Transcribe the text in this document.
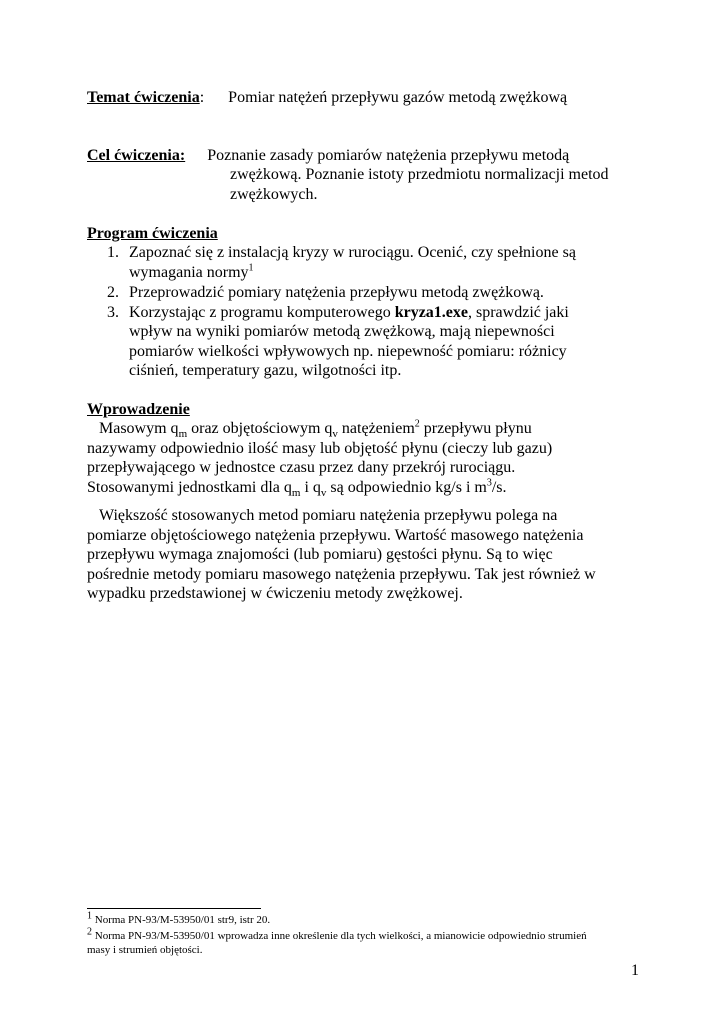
Temat ćwiczenia: Pomiar natężeń przepływu gazów metodą zwężkową
Cel ćwiczenia: Poznanie zasady pomiarów natężenia przepływu metodą
zwężkową. Poznanie istoty przedmiotu normalizacji metod
zwężkowych.
Program ćwiczenia
1. Zapoznać się z instalacją kryzy w rurociągu. Ocenić, czy spełnione są
wymagania normy$^1$
2. Przeprowadzić pomiary natężenia przepływu metodą zwężkową.
3. Korzystając z programu komputerowego kryza1.exe, sprawdzić jaki
wpływ na wyniki pomiarów metodą zwężkową, mają niepewności
pomiarów wielkości wpływowych np. niepewność pomiaru: różnicy
ciśnień, temperatury gazu, wilgotności itp.
Wprowadzenie
Masowym $q_m$ oraz objętościowym $q_v$ natężeniem$^2$ przepływu płynu
nazywamy odpowiednio ilość masy lub objętość płynu (cieczy lub gazu)
przepływającego w jednostce czasu przez dany przekrój rurociągu.
Stosowanymi jednostkami dla $q_m$ i $q_v$ są odpowiednio kg/s i $m^3/s$.
Większość stosowanych metod pomiaru natężenia przepływu polega na
pomiarze objętościowego natężenia przepływu. Wartość masowego natężenia
przepływu wymaga znajomości (lub pomiaru) gęstości płynu. Są to więc
pośrednie metody pomiaru masowego natężenia przepływu. Tak jest również w
wypadku przedstawionej w ćwiczeniu metody zwężkowej.
$^1$ Norma PN-93/M-53950/01 str9, istr 20.
$^2$ Norma PN-93/M-53950/01 wprowadza inne określenie dla tych wielkości, a mianowicie odpowiednio strumień
masy i strumień objętości.
1
